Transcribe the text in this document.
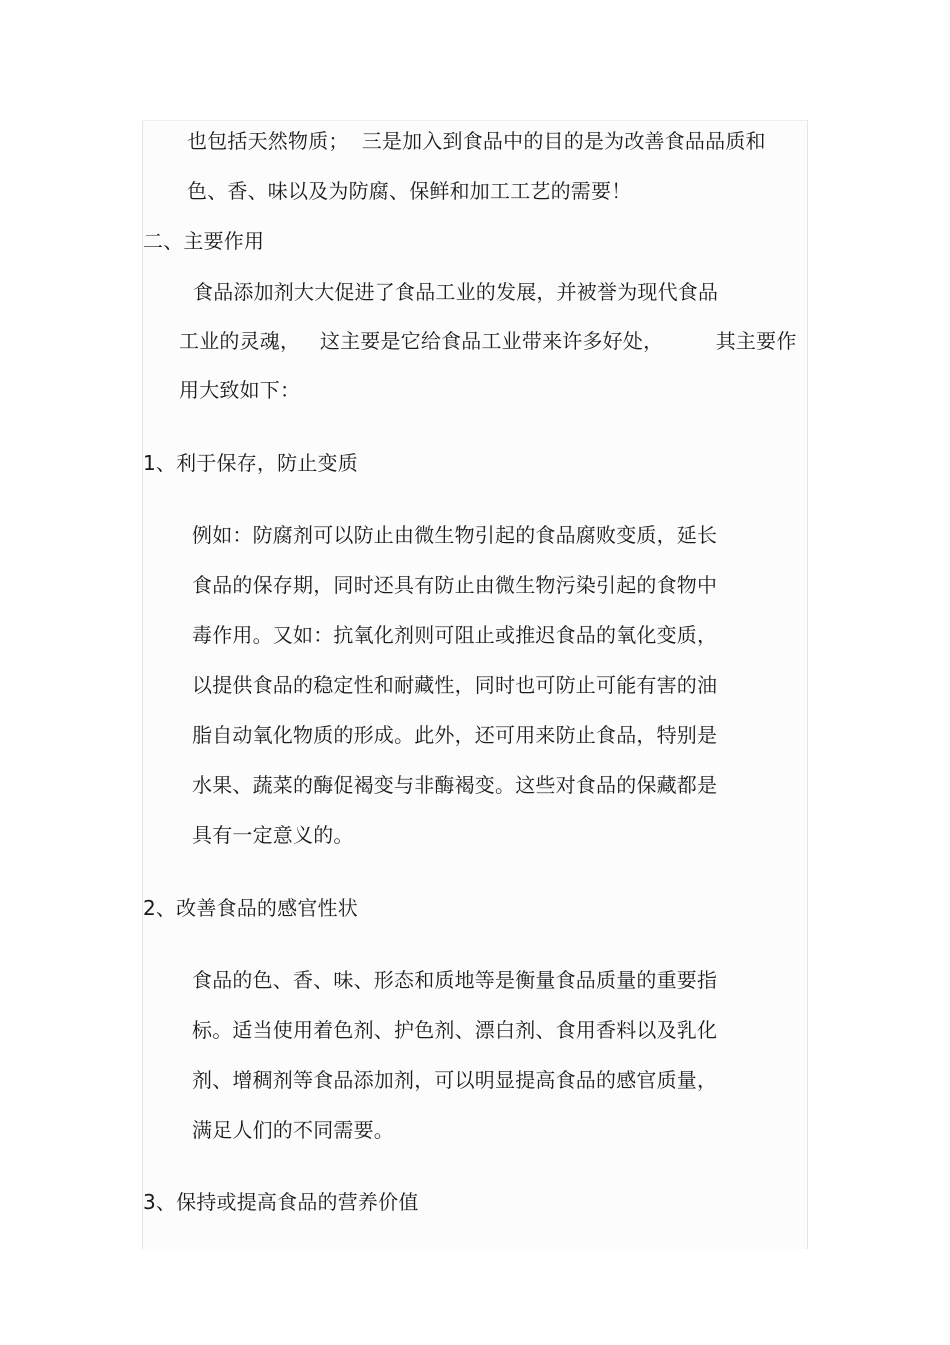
也包括天然物质；  三是加入到食品中的目的是为改善食品品质和
色、香、味以及为防腐、保鲜和加工工艺的需要！
二、主要作用
食品添加剂大大促进了食品工业的发展，并被誉为现代食品
工业的灵魂，   这主要是它给食品工业带来许多好处，        其主要作
用大致如下：
1、利于保存，防止变质
例如：防腐剂可以防止由微生物引起的食品腐败变质，延长
食品的保存期，同时还具有防止由微生物污染引起的食物中
毒作用。又如：抗氧化剂则可阻止或推迟食品的氧化变质，
以提供食品的稳定性和耐藏性，同时也可防止可能有害的油
脂自动氧化物质的形成。此外，还可用来防止食品，特别是
水果、蔬菜的酶促褐变与非酶褐变。这些对食品的保藏都是
具有一定意义的。
2、改善食品的感官性状
食品的色、香、味、形态和质地等是衡量食品质量的重要指
标。适当使用着色剂、护色剂、漂白剂、食用香料以及乳化
剂、增稠剂等食品添加剂，可以明显提高食品的感官质量，
满足人们的不同需要。
3、保持或提高食品的营养价值
